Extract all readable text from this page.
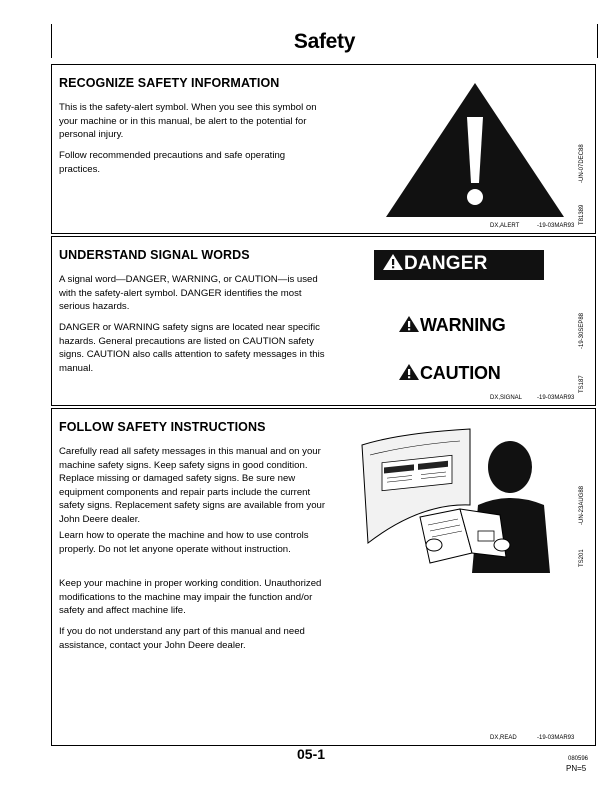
Safety
RECOGNIZE SAFETY INFORMATION
This is the safety-alert symbol. When you see this symbol on your machine or in this manual, be alert to the potential for personal injury.
Follow recommended precautions and safe operating practices.	-UN-07DEC88
T81389
DX,ALERT	-19-03MAR93
UNDERSTAND SIGNAL WORDS
A signal word—DANGER, WARNING, or CAUTION—is used with the safety-alert symbol. DANGER identifies the most serious hazards.
DANGER or WARNING safety signs are located near specific hazards. General precautions are listed on CAUTION safety signs. CAUTION also calls attention to safety messages in this manual.
DANGER
WARNING
CAUTION
-19-30SEP88
TS187
DX,SIGNAL -19-03MAR93
FOLLOW SAFETY INSTRUCTIONS
Carefully read all safety messages in this manual and on your machine safety signs. Keep safety signs in good condition. Replace missing or damaged safety signs. Be sure new equipment components and repair parts include the current safety signs. Replacement safety signs are available from your John Deere dealer.
Learn how to operate the machine and how to use controls properly. Do not let anyone operate without instruction.
Keep your machine in proper working condition. Unauthorized modifications to the machine may impair the function and/or safety and affect machine life.
If you do not understand any part of this manual and need assistance, contact your John Deere dealer.
-UN-23AUG88
TS201
DX,READ	-19-03MAR93
05-1	080596
PN=5
